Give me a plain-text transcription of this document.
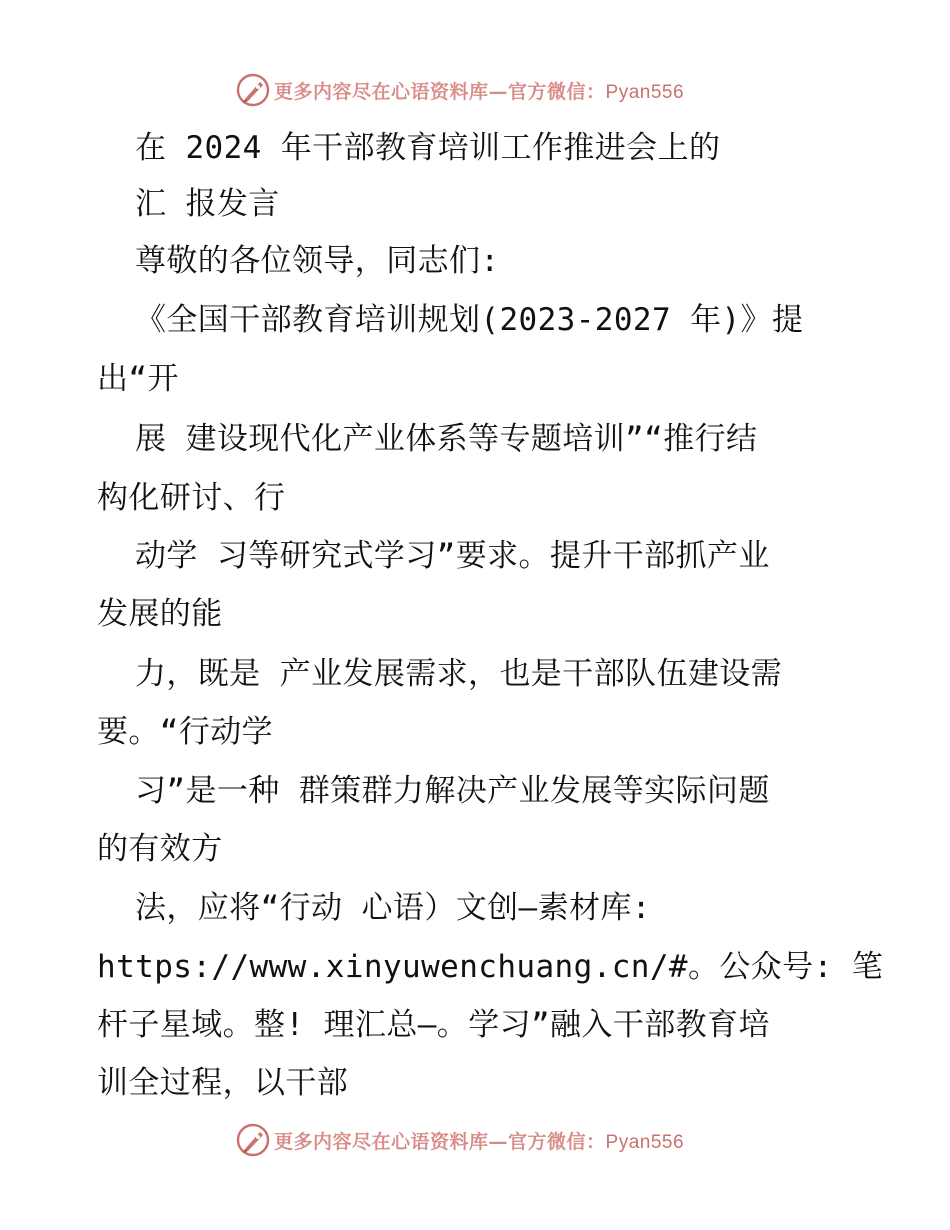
更多内容尽在心语资料库—官方微信：Pyan556
在 2024 年干部教育培训工作推进会上的
汇 报发言
尊敬的各位领导，同志们:
《全国干部教育培训规划(2023-2027 年)》提
出“开
展 建设现代化产业体系等专题培训”“推行结
构化研讨、行
动学 习等研究式学习”要求。提升干部抓产业
发展的能
力，既是 产业发展需求，也是干部队伍建设需
要。“行动学
习”是一种 群策群力解决产业发展等实际问题
的有效方
法，应将“行动 心语）文创—素材库:
https://www.xinyuwenchuang.cn/#。公众号: 笔
杆子星域。整! 理汇总—。学习”融入干部教育培
训全过程，以干部
更多内容尽在心语资料库—官方微信：Pyan556
